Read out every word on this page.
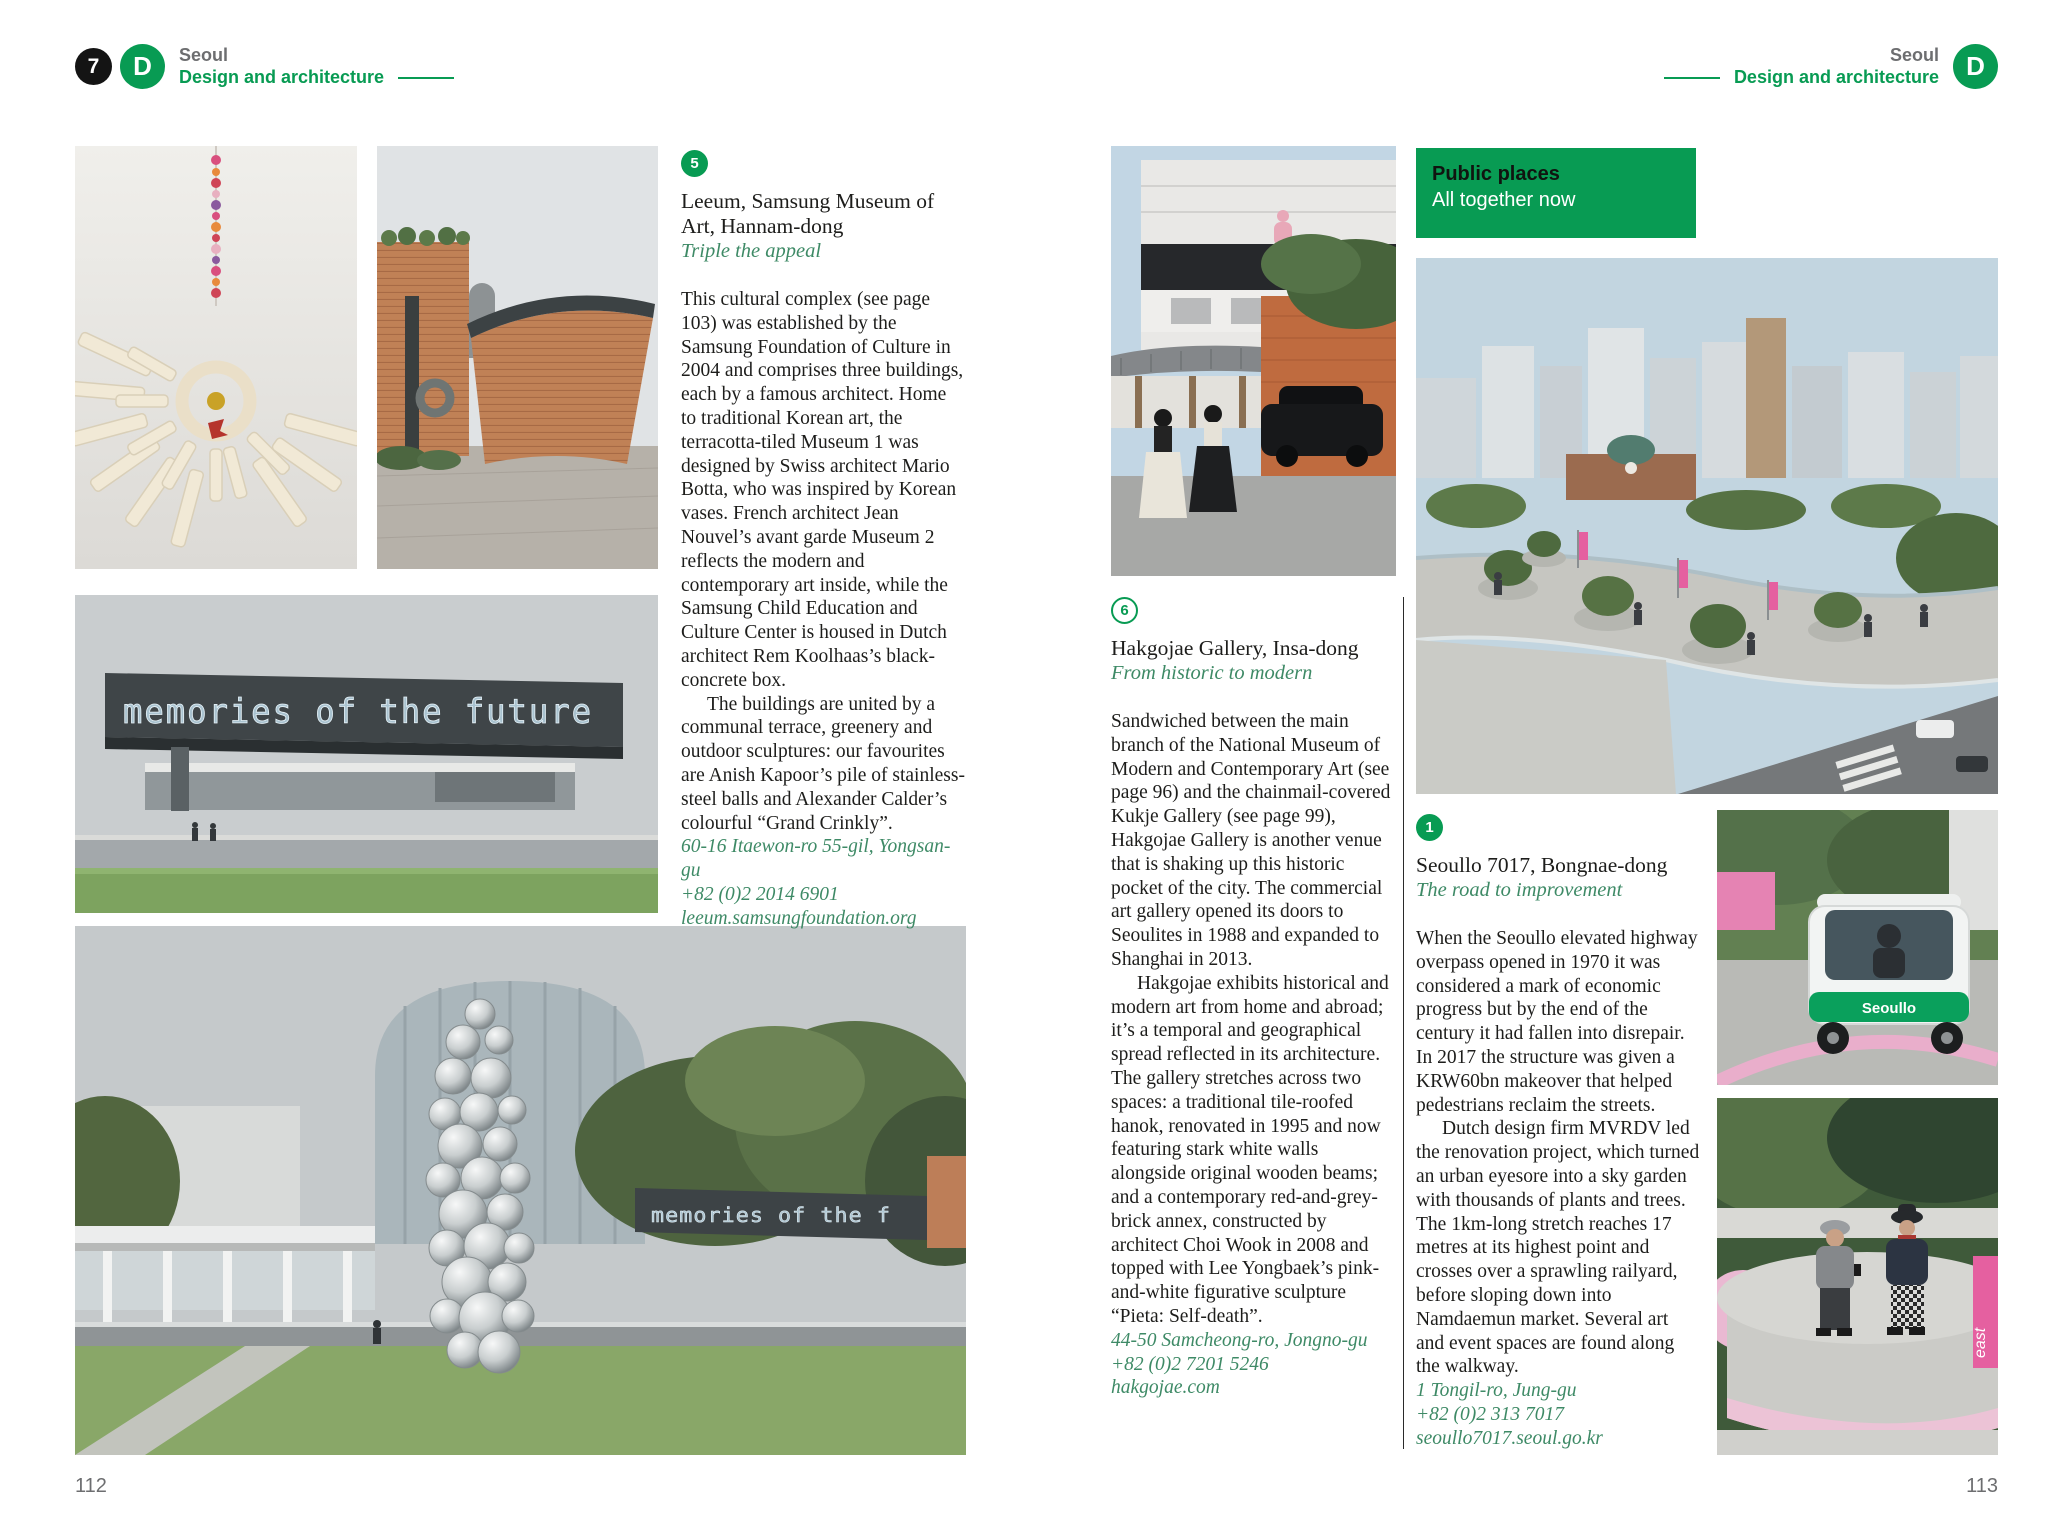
7 D Seoul
Design and architecture
Seoul
Design and architecture D
memories of the future
memories of the f
5
Leeum, Samsung Museum of Art, Hannam-dong
Triple the appeal

This cultural complex (see page 103) was established by the Samsung Foundation of Culture in 2004 and comprises three buildings, each by a famous architect. Home to traditional Korean art, the terracotta-tiled Museum 1 was designed by Swiss architect Mario Botta, who was inspired by Korean vases. French architect Jean Nouvel’s avant garde Museum 2 reflects the modern and contemporary art inside, while the Samsung Child Education and Culture Center is housed in Dutch architect Rem Koolhaas’s black-concrete box.

The buildings are united by a communal terrace, greenery and outdoor sculptures: our favourites are Anish Kapoor’s pile of stainless-steel balls and Alexander Calder’s colourful “Grand Crinkly”.

60-16 Itaewon-ro 55-gil, Yongsan-gu
+82 (0)2 2014 6901
leeum.samsungfoundation.org
Public places
All together now
Seoullo
east
6
Hakgojae Gallery, Insa-dong
From historic to modern

Sandwiched between the main branch of the National Museum of Modern and Contemporary Art (see page 96) and the chainmail-covered Kukje Gallery (see page 99), Hakgojae Gallery is another venue that is shaking up this historic pocket of the city. The commercial art gallery opened its doors to Seoulites in 1988 and expanded to Shanghai in 2013.

Hakgojae exhibits historical and modern art from home and abroad; it’s a temporal and geographical spread reflected in its architecture. The gallery stretches across two spaces: a traditional tile-roofed hanok, renovated in 1995 and now featuring stark white walls alongside original wooden beams; and a contemporary red-and-grey-brick annex, constructed by architect Choi Wook in 2008 and topped with Lee Yongbaek’s pink-and-white figurative sculpture “Pieta: Self-death”.

44-50 Samcheong-ro, Jongno-gu
+82 (0)2 7201 5246
hakgojae.com
1
Seoullo 7017, Bongnae-dong
The road to improvement

When the Seoullo elevated highway overpass opened in 1970 it was considered a mark of economic progress but by the end of the century it had fallen into disrepair. In 2017 the structure was given a KRW60bn makeover that helped pedestrians reclaim the streets.

Dutch design firm MVRDV led the renovation project, which turned an urban eyesore into a sky garden with thousands of plants and trees. The 1km-long stretch reaches 17 metres at its highest point and crosses over a sprawling railyard, before sloping down into Namdaemun market. Several art and event spaces are found along the walkway.

1 Tongil-ro, Jung-gu
+82 (0)2 313 7017
seoullo7017.seoul.go.kr
112	113
